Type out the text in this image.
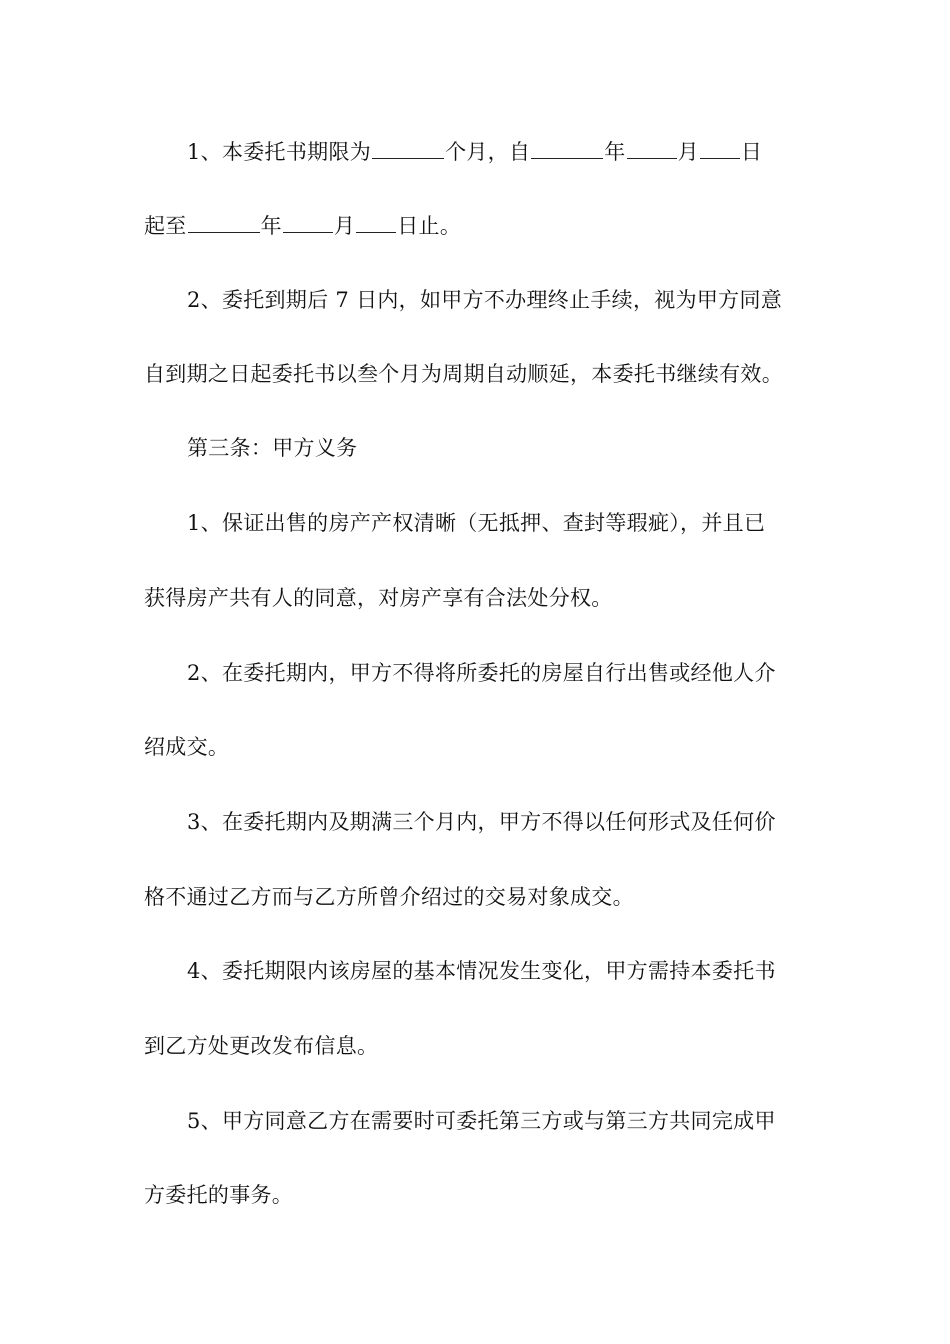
1、本委托书期限为	个月，自	年 月 日
起至	年 月 日止。
2、委托到期后 7 日内，如甲方不办理终止手续，视为甲方同意
自到期之日起委托书以叁个月为周期自动顺延，本委托书继续有效。
第三条：甲方义务
1、保证出售的房产产权清晰（无抵押、查封等瑕疵），并且已
获得房产共有人的同意，对房产享有合法处分权。
2、在委托期内，甲方不得将所委托的房屋自行出售或经他人介
绍成交。
3、在委托期内及期满三个月内，甲方不得以任何形式及任何价
格不通过乙方而与乙方所曾介绍过的交易对象成交。
4、委托期限内该房屋的基本情况发生变化，甲方需持本委托书
到乙方处更改发布信息。
5、甲方同意乙方在需要时可委托第三方或与第三方共同完成甲
方委托的事务。
